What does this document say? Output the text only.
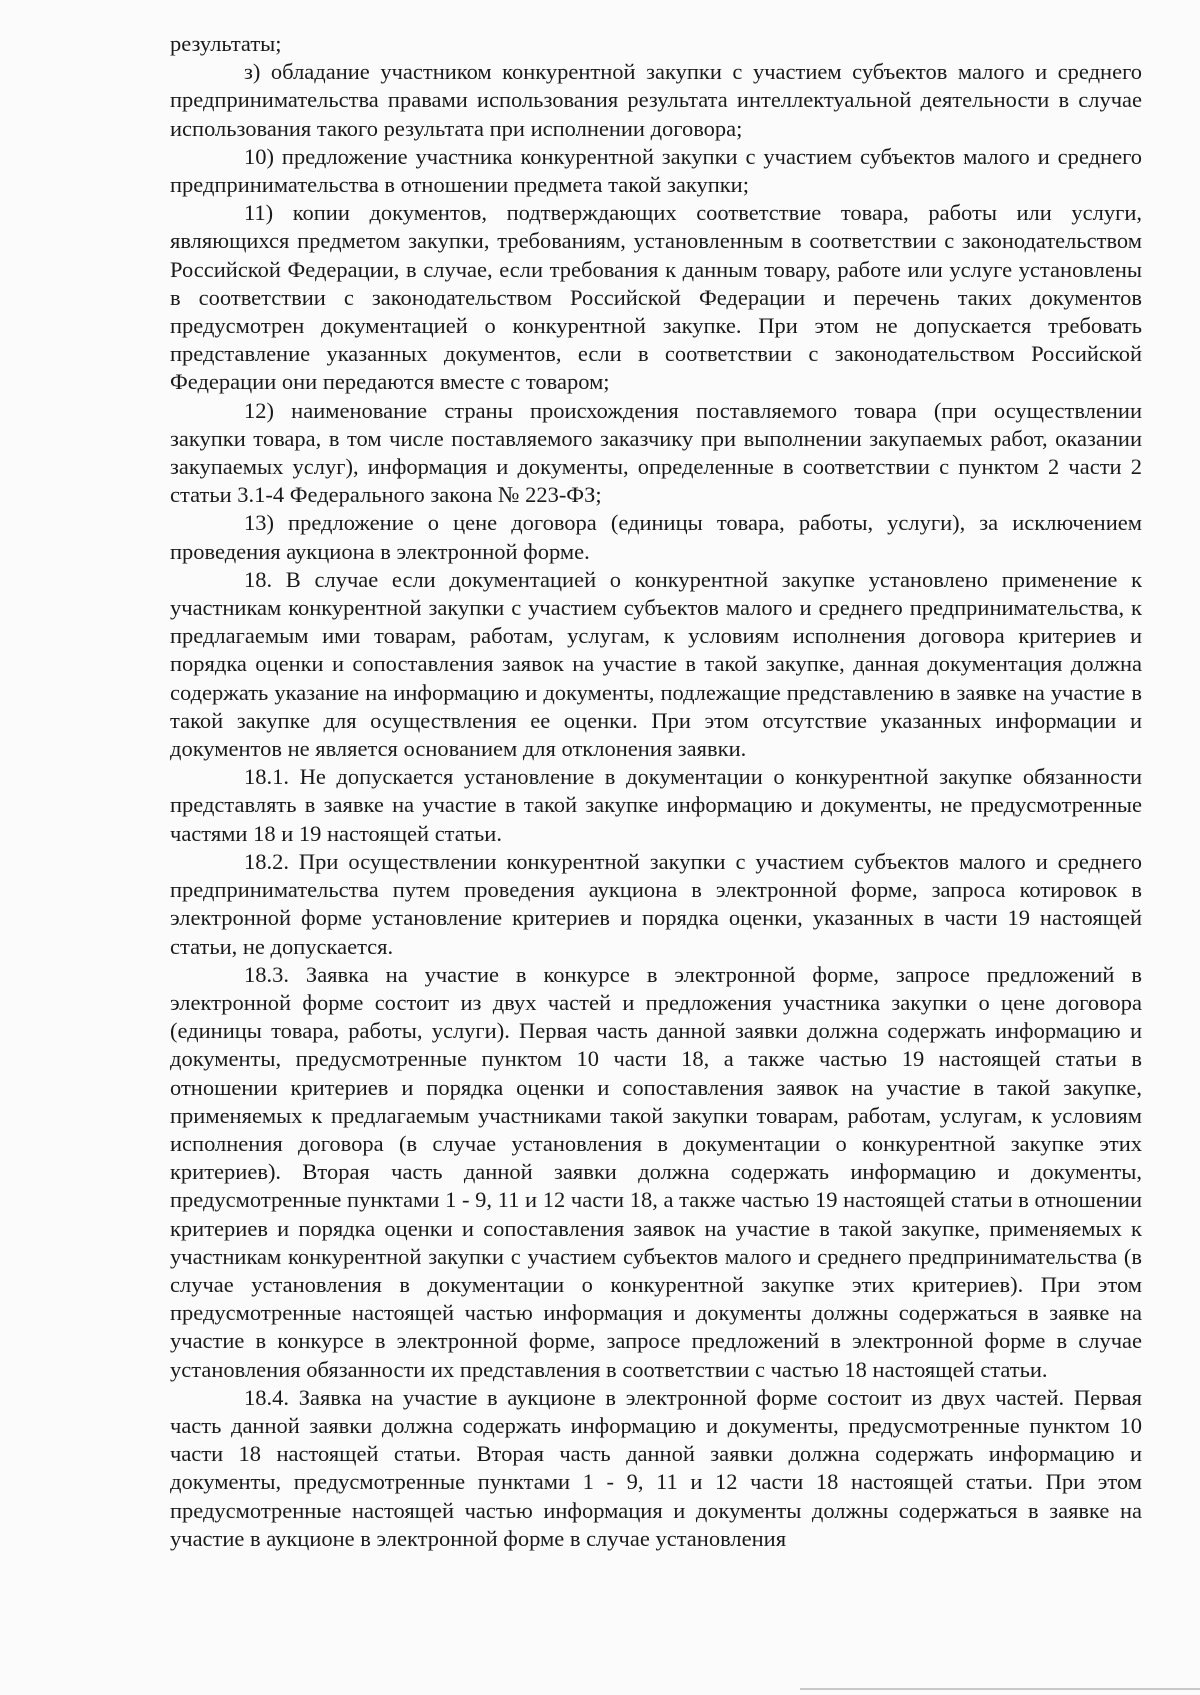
результаты;

з) обладание участником конкурентной закупки с участием субъектов малого и среднего предпринимательства правами использования результата интеллектуальной деятельности в случае использования такого результата при исполнении договора;

10) предложение участника конкурентной закупки с участием субъектов малого и среднего предпринимательства в отношении предмета такой закупки;

11) копии документов, подтверждающих соответствие товара, работы или услуги, являющихся предметом закупки, требованиям, установленным в соответствии с законодательством Российской Федерации, в случае, если требования к данным товару, работе или услуге установлены в соответствии с законодательством Российской Федерации и перечень таких документов предусмотрен документацией о конкурентной закупке. При этом не допускается требовать представление указанных документов, если в соответствии с законодательством Российской Федерации они передаются вместе с товаром;

12) наименование страны происхождения поставляемого товара (при осуществлении закупки товара, в том числе поставляемого заказчику при выполнении закупаемых работ, оказании закупаемых услуг), информация и документы, определенные в соответствии с пунктом 2 части 2 статьи 3.1-4 Федерального закона № 223-ФЗ;

13) предложение о цене договора (единицы товара, работы, услуги), за исключением проведения аукциона в электронной форме.

18. В случае если документацией о конкурентной закупке установлено применение к участникам конкурентной закупки с участием субъектов малого и среднего предпринимательства, к предлагаемым ими товарам, работам, услугам, к условиям исполнения договора критериев и порядка оценки и сопоставления заявок на участие в такой закупке, данная документация должна содержать указание на информацию и документы, подлежащие представлению в заявке на участие в такой закупке для осуществления ее оценки. При этом отсутствие указанных информации и документов не является основанием для отклонения заявки.

18.1. Не допускается установление в документации о конкурентной закупке обязанности представлять в заявке на участие в такой закупке информацию и документы, не предусмотренные частями 18 и 19 настоящей статьи.

18.2. При осуществлении конкурентной закупки с участием субъектов малого и среднего предпринимательства путем проведения аукциона в электронной форме, запроса котировок в электронной форме установление критериев и порядка оценки, указанных в части 19 настоящей статьи, не допускается.

18.3. Заявка на участие в конкурсе в электронной форме, запросе предложений в электронной форме состоит из двух частей и предложения участника закупки о цене договора (единицы товара, работы, услуги). Первая часть данной заявки должна содержать информацию и документы, предусмотренные пунктом 10 части 18, а также частью 19 настоящей статьи в отношении критериев и порядка оценки и сопоставления заявок на участие в такой закупке, применяемых к предлагаемым участниками такой закупки товарам, работам, услугам, к условиям исполнения договора (в случае установления в документации о конкурентной закупке этих критериев). Вторая часть данной заявки должна содержать информацию и документы, предусмотренные пунктами 1 - 9, 11 и 12 части 18, а также частью 19 настоящей статьи в отношении критериев и порядка оценки и сопоставления заявок на участие в такой закупке, применяемых к участникам конкурентной закупки с участием субъектов малого и среднего предпринимательства (в случае установления в документации о конкурентной закупке этих критериев). При этом предусмотренные настоящей частью информация и документы должны содержаться в заявке на участие в конкурсе в электронной форме, запросе предложений в электронной форме в случае установления обязанности их представления в соответствии с частью 18 настоящей статьи.

18.4. Заявка на участие в аукционе в электронной форме состоит из двух частей. Первая часть данной заявки должна содержать информацию и документы, предусмотренные пунктом 10 части 18 настоящей статьи. Вторая часть данной заявки должна содержать информацию и документы, предусмотренные пунктами 1 - 9, 11 и 12 части 18 настоящей статьи. При этом предусмотренные настоящей частью информация и документы должны содержаться в заявке на участие в аукционе в электронной форме в случае установления
